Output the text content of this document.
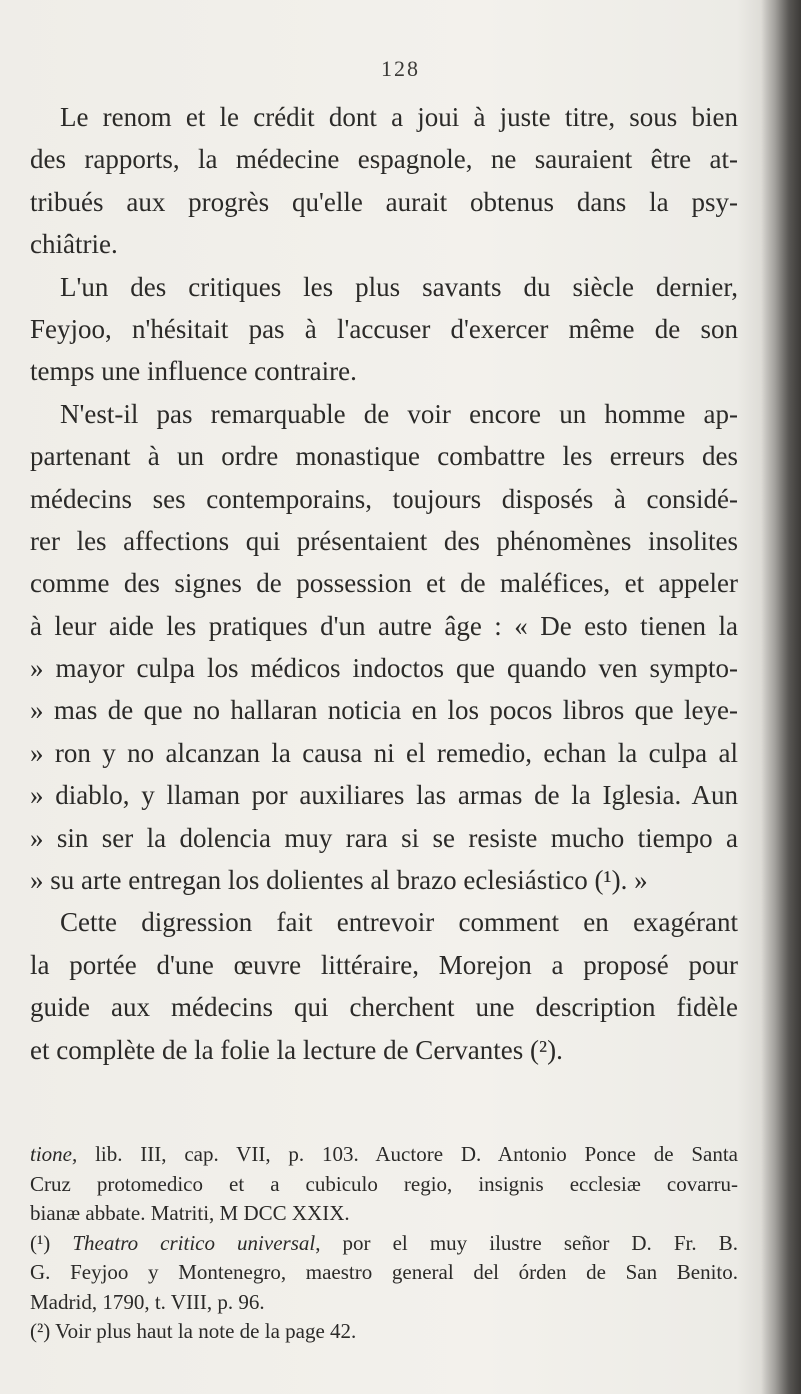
128
Le renom et le crédit dont a joui à juste titre, sous bien
des rapports, la médecine espagnole, ne sauraient être at-
tribués aux progrès qu'elle aurait obtenus dans la psy-
chiâtrie.
L'un des critiques les plus savants du siècle dernier,
Feyjoo, n'hésitait pas à l'accuser d'exercer même de son
temps une influence contraire.
N'est-il pas remarquable de voir encore un homme ap-
partenant à un ordre monastique combattre les erreurs des
médecins ses contemporains, toujours disposés à considé-
rer les affections qui présentaient des phénomènes insolites
comme des signes de possession et de maléfices, et appeler
à leur aide les pratiques d'un autre âge : « De esto tienen la
» mayor culpa los médicos indoctos que quando ven sympto-
» mas de que no hallaran noticia en los pocos libros que leye-
» ron y no alcanzan la causa ni el remedio, echan la culpa al
» diablo, y llaman por auxiliares las armas de la Iglesia. Aun
» sin ser la dolencia muy rara si se resiste mucho tiempo a
» su arte entregan los dolientes al brazo eclesiástico (¹). »
Cette digression fait entrevoir comment en exagérant
la portée d'une œuvre littéraire, Morejon a proposé pour
guide aux médecins qui cherchent une description fidèle
et complète de la folie la lecture de Cervantes (²).
tione, lib. III, cap. VII, p. 103. Auctore D. Antonio Ponce de Santa
Cruz protomedico et a cubiculo regio, insignis ecclesiæ covarru-
bianæ abbate. Matriti, M DCC XXIX.
(¹) Theatro critico universal, por el muy ilustre señor D. Fr. B.
G. Feyjoo y Montenegro, maestro general del órden de San Benito.
Madrid, 1790, t. VIII, p. 96.
(²) Voir plus haut la note de la page 42.
